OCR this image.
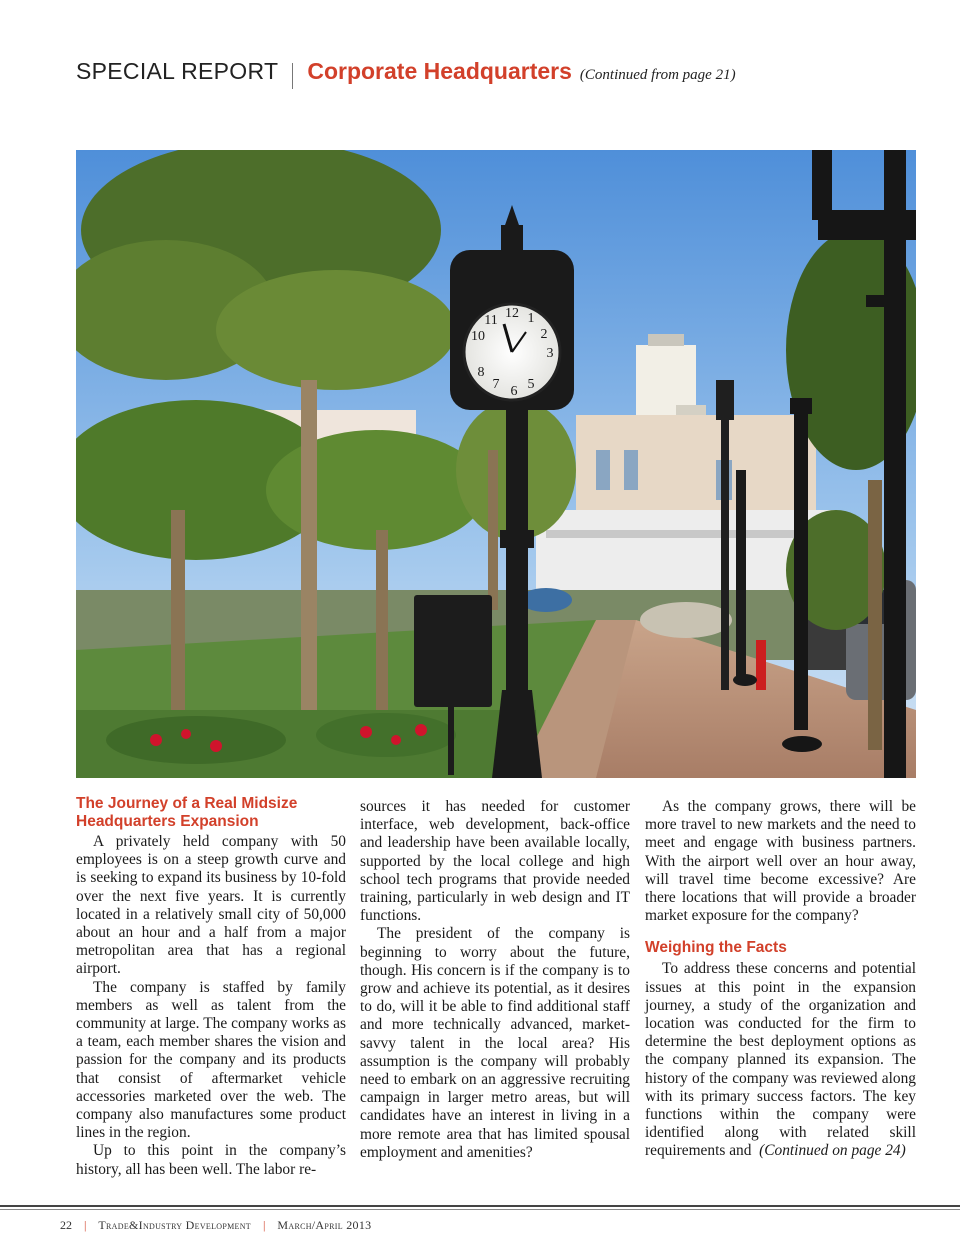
SPECIAL REPORT Corporate Headquarters (Continued from page 21)
12 1
2
3
5
6
7
8
10
11
The Journey of a Real Midsize Headquarters Expansion

A privately held company with 50 employees is on a steep growth curve and is seeking to expand its business by 10-fold over the next five years. It is currently located in a relatively small city of 50,000 about an hour and a half from a major metropolitan area that has a regional airport.

The company is staffed by family members as well as talent from the community at large. The company works as a team, each member shares the vision and passion for the company and its products that consist of aftermarket vehicle accessories marketed over the web. The company also manufactures some product lines in the region.

Up to this point in the company’s history, all has been well. The labor re-

sources it has needed for customer interface, web development, back-office and leadership have been available locally, supported by the local college and high school tech programs that provide needed training, particularly in web design and IT functions.

The president of the company is beginning to worry about the future, though. His concern is if the company is to grow and achieve its potential, as it desires to do, will it be able to find additional staff and more technically advanced, market-savvy talent in the local area? His assumption is the company will probably need to embark on an aggressive recruiting campaign in larger metro areas, but will candidates have an interest in living in a more remote area that has limited spousal employment and amenities?

As the company grows, there will be more travel to new markets and the need to meet and engage with business partners. With the airport well over an hour away, will travel time become excessive? Are there locations that will provide a broader market exposure for the company?

Weighing the Facts

To address these concerns and potential issues at this point in the expansion journey, a study of the organization and location was conducted for the firm to determine the best deployment options as the company planned its expansion. The history of the company was reviewed along with its primary success factors. The key functions within the company were identified along with related skill requirements and (Continued on page 24)

22 | Trade&Industry Development | March/April 2013
